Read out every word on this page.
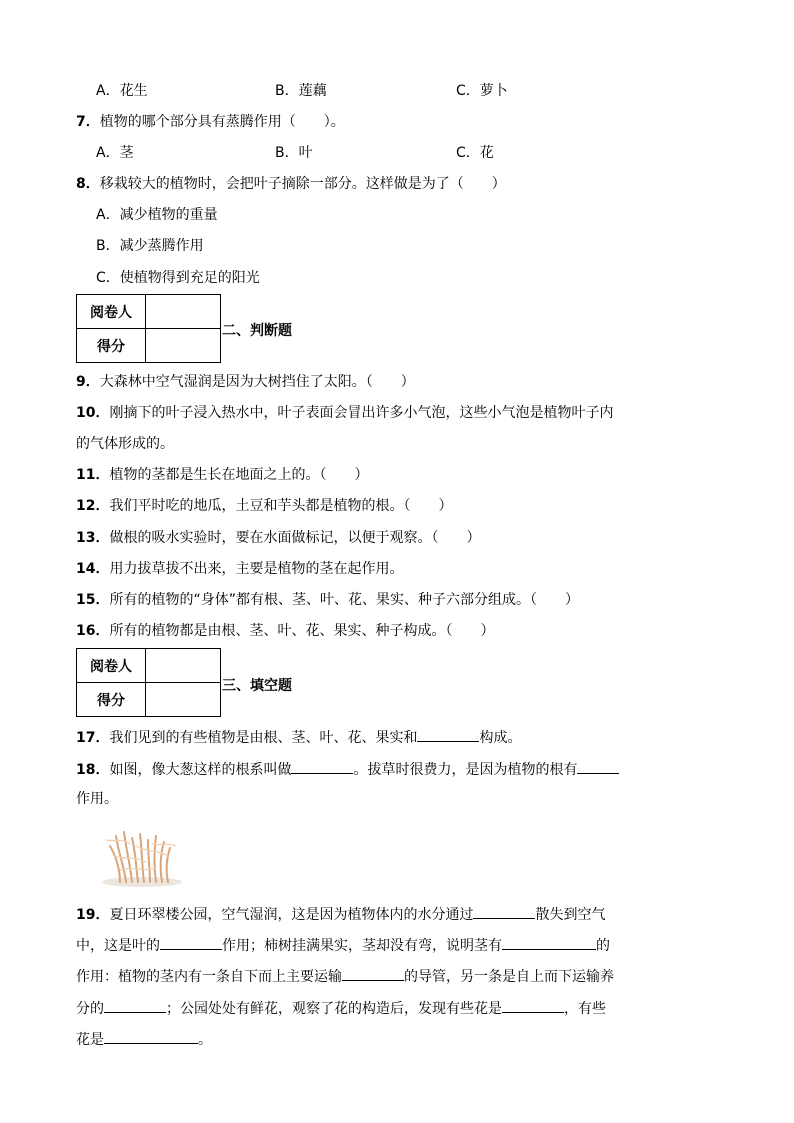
A．花生	B．莲藕	C．萝卜
7．植物的哪个部分具有蒸腾作用（　　）。
A．茎	B．叶	C．花
8．移栽较大的植物时，会把叶子摘除一部分。这样做是为了（　　）
A．减少植物的重量
B．减少蒸腾作用
C．使植物得到充足的阳光
阅卷人	
得分	
二、判断题
9．大森林中空气湿润是因为大树挡住了太阳。（　　）
10．刚摘下的叶子浸入热水中，叶子表面会冒出许多小气泡，这些小气泡是植物叶子内
的气体形成的。
11．植物的茎都是生长在地面之上的。（　　）
12．我们平时吃的地瓜，土豆和芋头都是植物的根。（　　）
13．做根的吸水实验时，要在水面做标记，以便于观察。（　　）
14．用力拔草拔不出来，主要是植物的茎在起作用。
15．所有的植物的“身体”都有根、茎、叶、花、果实、种子六部分组成。（　　）
16．所有的植物都是由根、茎、叶、花、果实、种子构成。（　　）
阅卷人	
得分	
三、填空题
17．我们见到的有些植物是由根、茎、叶、花、果实和	构成。
18．如图，像大葱这样的根系叫做	。拔草时很费力，是因为植物的根有
作用。
19．夏日环翠楼公园，空气湿润，这是因为植物体内的水分通过	散失到空气
中，这是叶的	作用；柿树挂满果实，茎却没有弯，说明茎有	的
作用：植物的茎内有一条自下而上主要运输	的导管，另一条是自上而下运输养
分的	；公园处处有鲜花，观察了花的构造后，发现有些花是	，有些
花是	。
